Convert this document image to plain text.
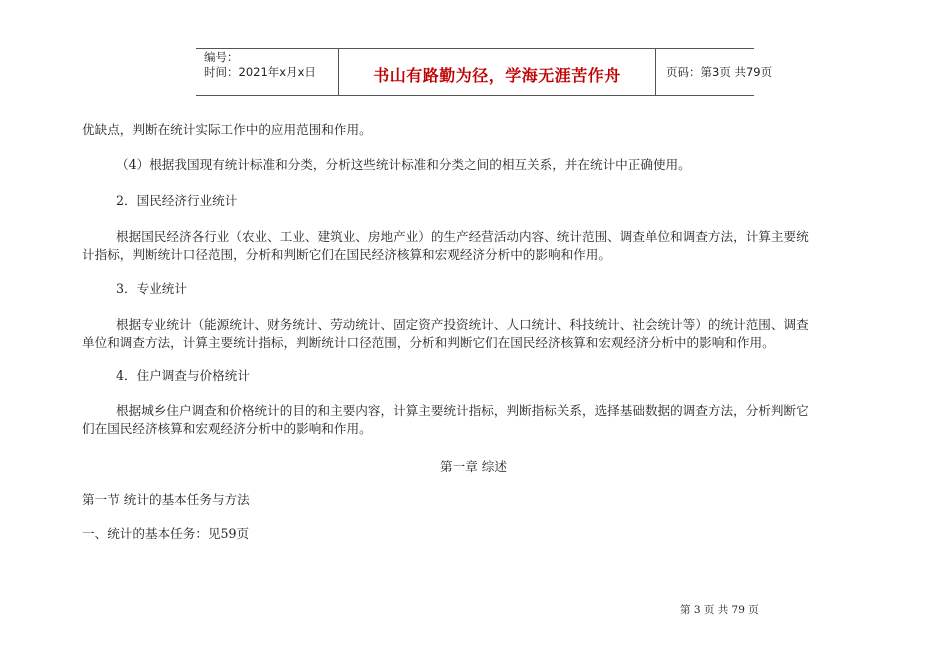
编号：
时间：2021年x月x日	书山有路勤为径，学海无涯苦作舟	页码：第3页 共79页

优缺点，判断在统计实际工作中的应用范围和作用。

（4）根据我国现有统计标准和分类，分析这些统计标准和分类之间的相互关系，并在统计中正确使用。

2．国民经济行业统计

根据国民经济各行业（农业、工业、建筑业、房地产业）的生产经营活动内容、统计范围、调查单位和调查方法，计算主要统

计指标，判断统计口径范围，分析和判断它们在国民经济核算和宏观经济分析中的影响和作用。

3．专业统计

根据专业统计（能源统计、财务统计、劳动统计、固定资产投资统计、人口统计、科技统计、社会统计等）的统计范围、调查

单位和调查方法，计算主要统计指标，判断统计口径范围，分析和判断它们在国民经济核算和宏观经济分析中的影响和作用。

4．住户调查与价格统计

根据城乡住户调查和价格统计的目的和主要内容，计算主要统计指标，判断指标关系，选择基础数据的调查方法，分析判断它

们在国民经济核算和宏观经济分析中的影响和作用。

第一章 综述

第一节 统计的基本任务与方法

一、统计的基本任务：见59页

第 3 页 共 79 页
